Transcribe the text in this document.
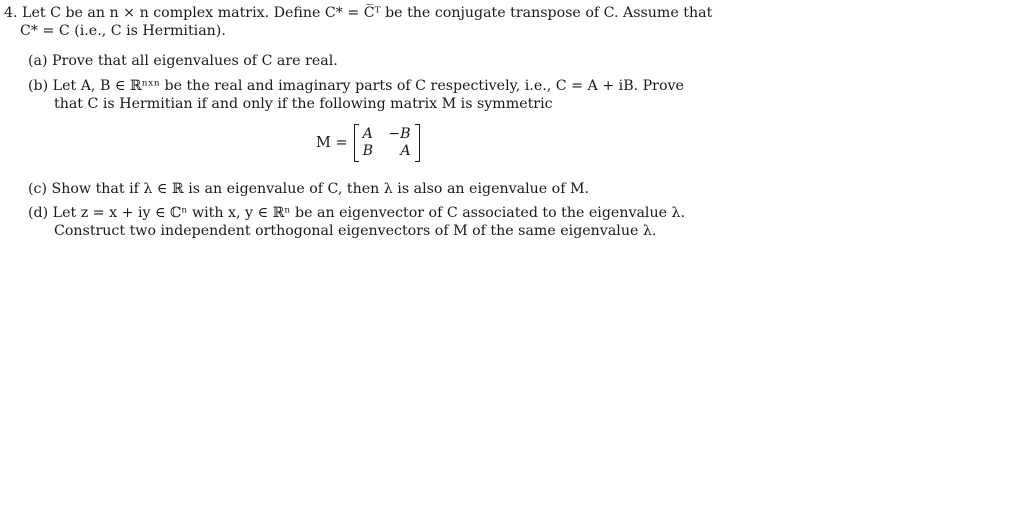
4. Let C be an n × n complex matrix. Define C* = C̅ᵀ be the conjugate transpose of C. Assume that
C* = C (i.e., C is Hermitian).
(a) Prove that all eigenvalues of C are real.
(b) Let A, B ∈ ℝⁿˣⁿ be the real and imaginary parts of C respectively, i.e., C = A + iB. Prove
that C is Hermitian if and only if the following matrix M is symmetric
M =
A	−B
B	A
(c) Show that if λ ∈ ℝ is an eigenvalue of C, then λ is also an eigenvalue of M.
(d) Let z = x + iy ∈ ℂⁿ with x, y ∈ ℝⁿ be an eigenvector of C associated to the eigenvalue λ.
Construct two independent orthogonal eigenvectors of M of the same eigenvalue λ.
